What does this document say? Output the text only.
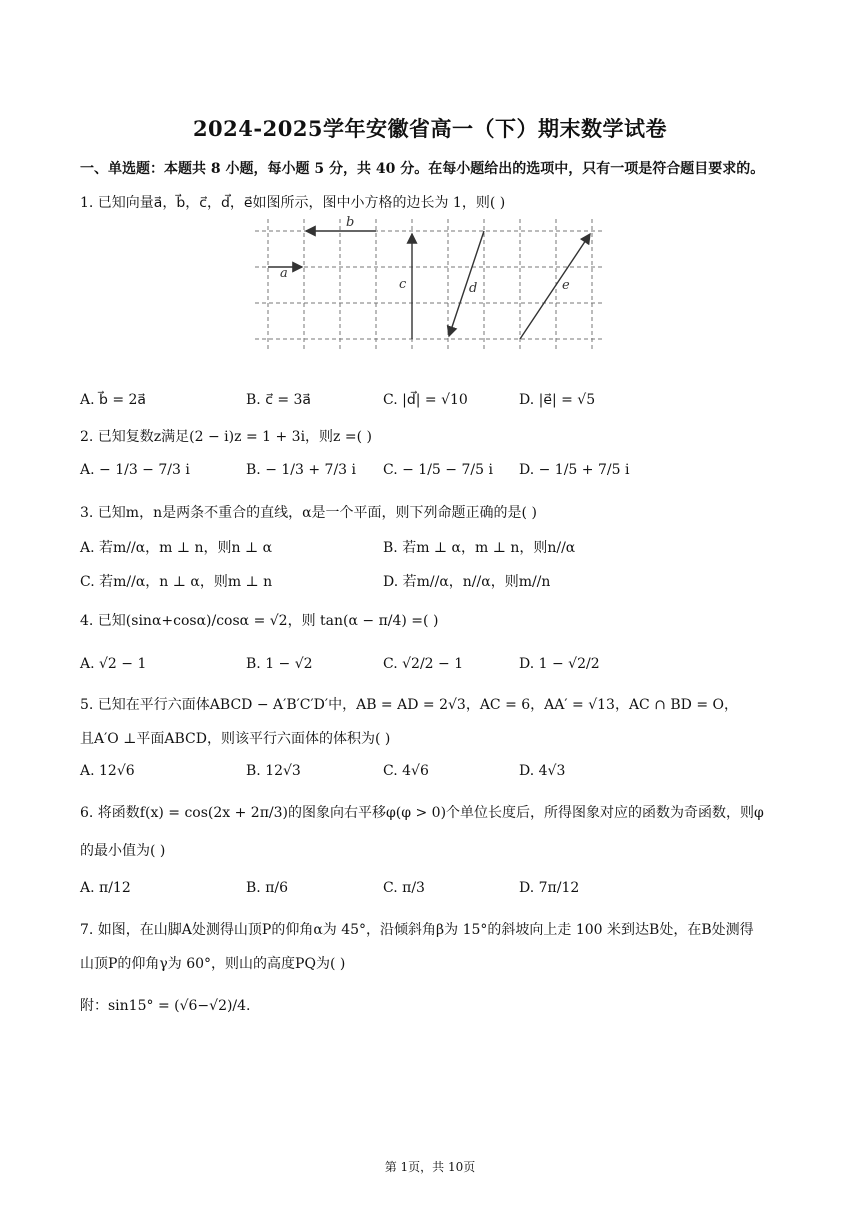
2024-2025学年安徽省高一（下）期末数学试卷
一、单选题：本题共 8 小题，每小题 5 分，共 40 分。在每小题给出的选项中，只有一项是符合题目要求的。
1. 已知向量a⃗，b⃗，c⃗，d⃗，e⃗如图所示，图中小方格的边长为 1，则( )
a
b
c	d	e
A. b⃗ = 2a⃗	B. c⃗ = 3a⃗	C. |d⃗| = √10	D. |e⃗| = √5
2. 已知复数z满足(2 − i)z = 1 + 3i，则z =( )
A. − 1/3 − 7/3 i	B. − 1/3 + 7/3 i C. − 1/5 − 7/5 i D. − 1/5 + 7/5 i
3. 已知m，n是两条不重合的直线，α是一个平面，则下列命题正确的是( )
A. 若m//α，m ⊥ n，则n ⊥ α	B. 若m ⊥ α，m ⊥ n，则n//α
C. 若m//α，n ⊥ α，则m ⊥ n	D. 若m//α，n//α，则m//n
4. 已知(sinα+cosα)/cosα = √2，则 tan(α − π/4) =( )
A. √2 − 1	B. 1 − √2	C. √2/2 − 1	D. 1 − √2/2
5. 已知在平行六面体ABCD − A′B′C′D′中，AB = AD = 2√3，AC = 6，AA′ = √13，AC ∩ BD = O，
且A′O ⊥平面ABCD，则该平行六面体的体积为( )
A. 12√6	B. 12√3	C. 4√6	D. 4√3
6. 将函数f(x) = cos(2x + 2π/3)的图象向右平移φ(φ > 0)个单位长度后，所得图象对应的函数为奇函数，则φ
的最小值为( )
A. π/12	B. π/6	C. π/3	D. 7π/12
7. 如图，在山脚A处测得山顶P的仰角α为 45°，沿倾斜角β为 15°的斜坡向上走 100 米到达B处，在B处测得
山顶P的仰角γ为 60°，则山的高度PQ为( )
附：sin15° = (√6−√2)/4.
第 1页，共 10页
